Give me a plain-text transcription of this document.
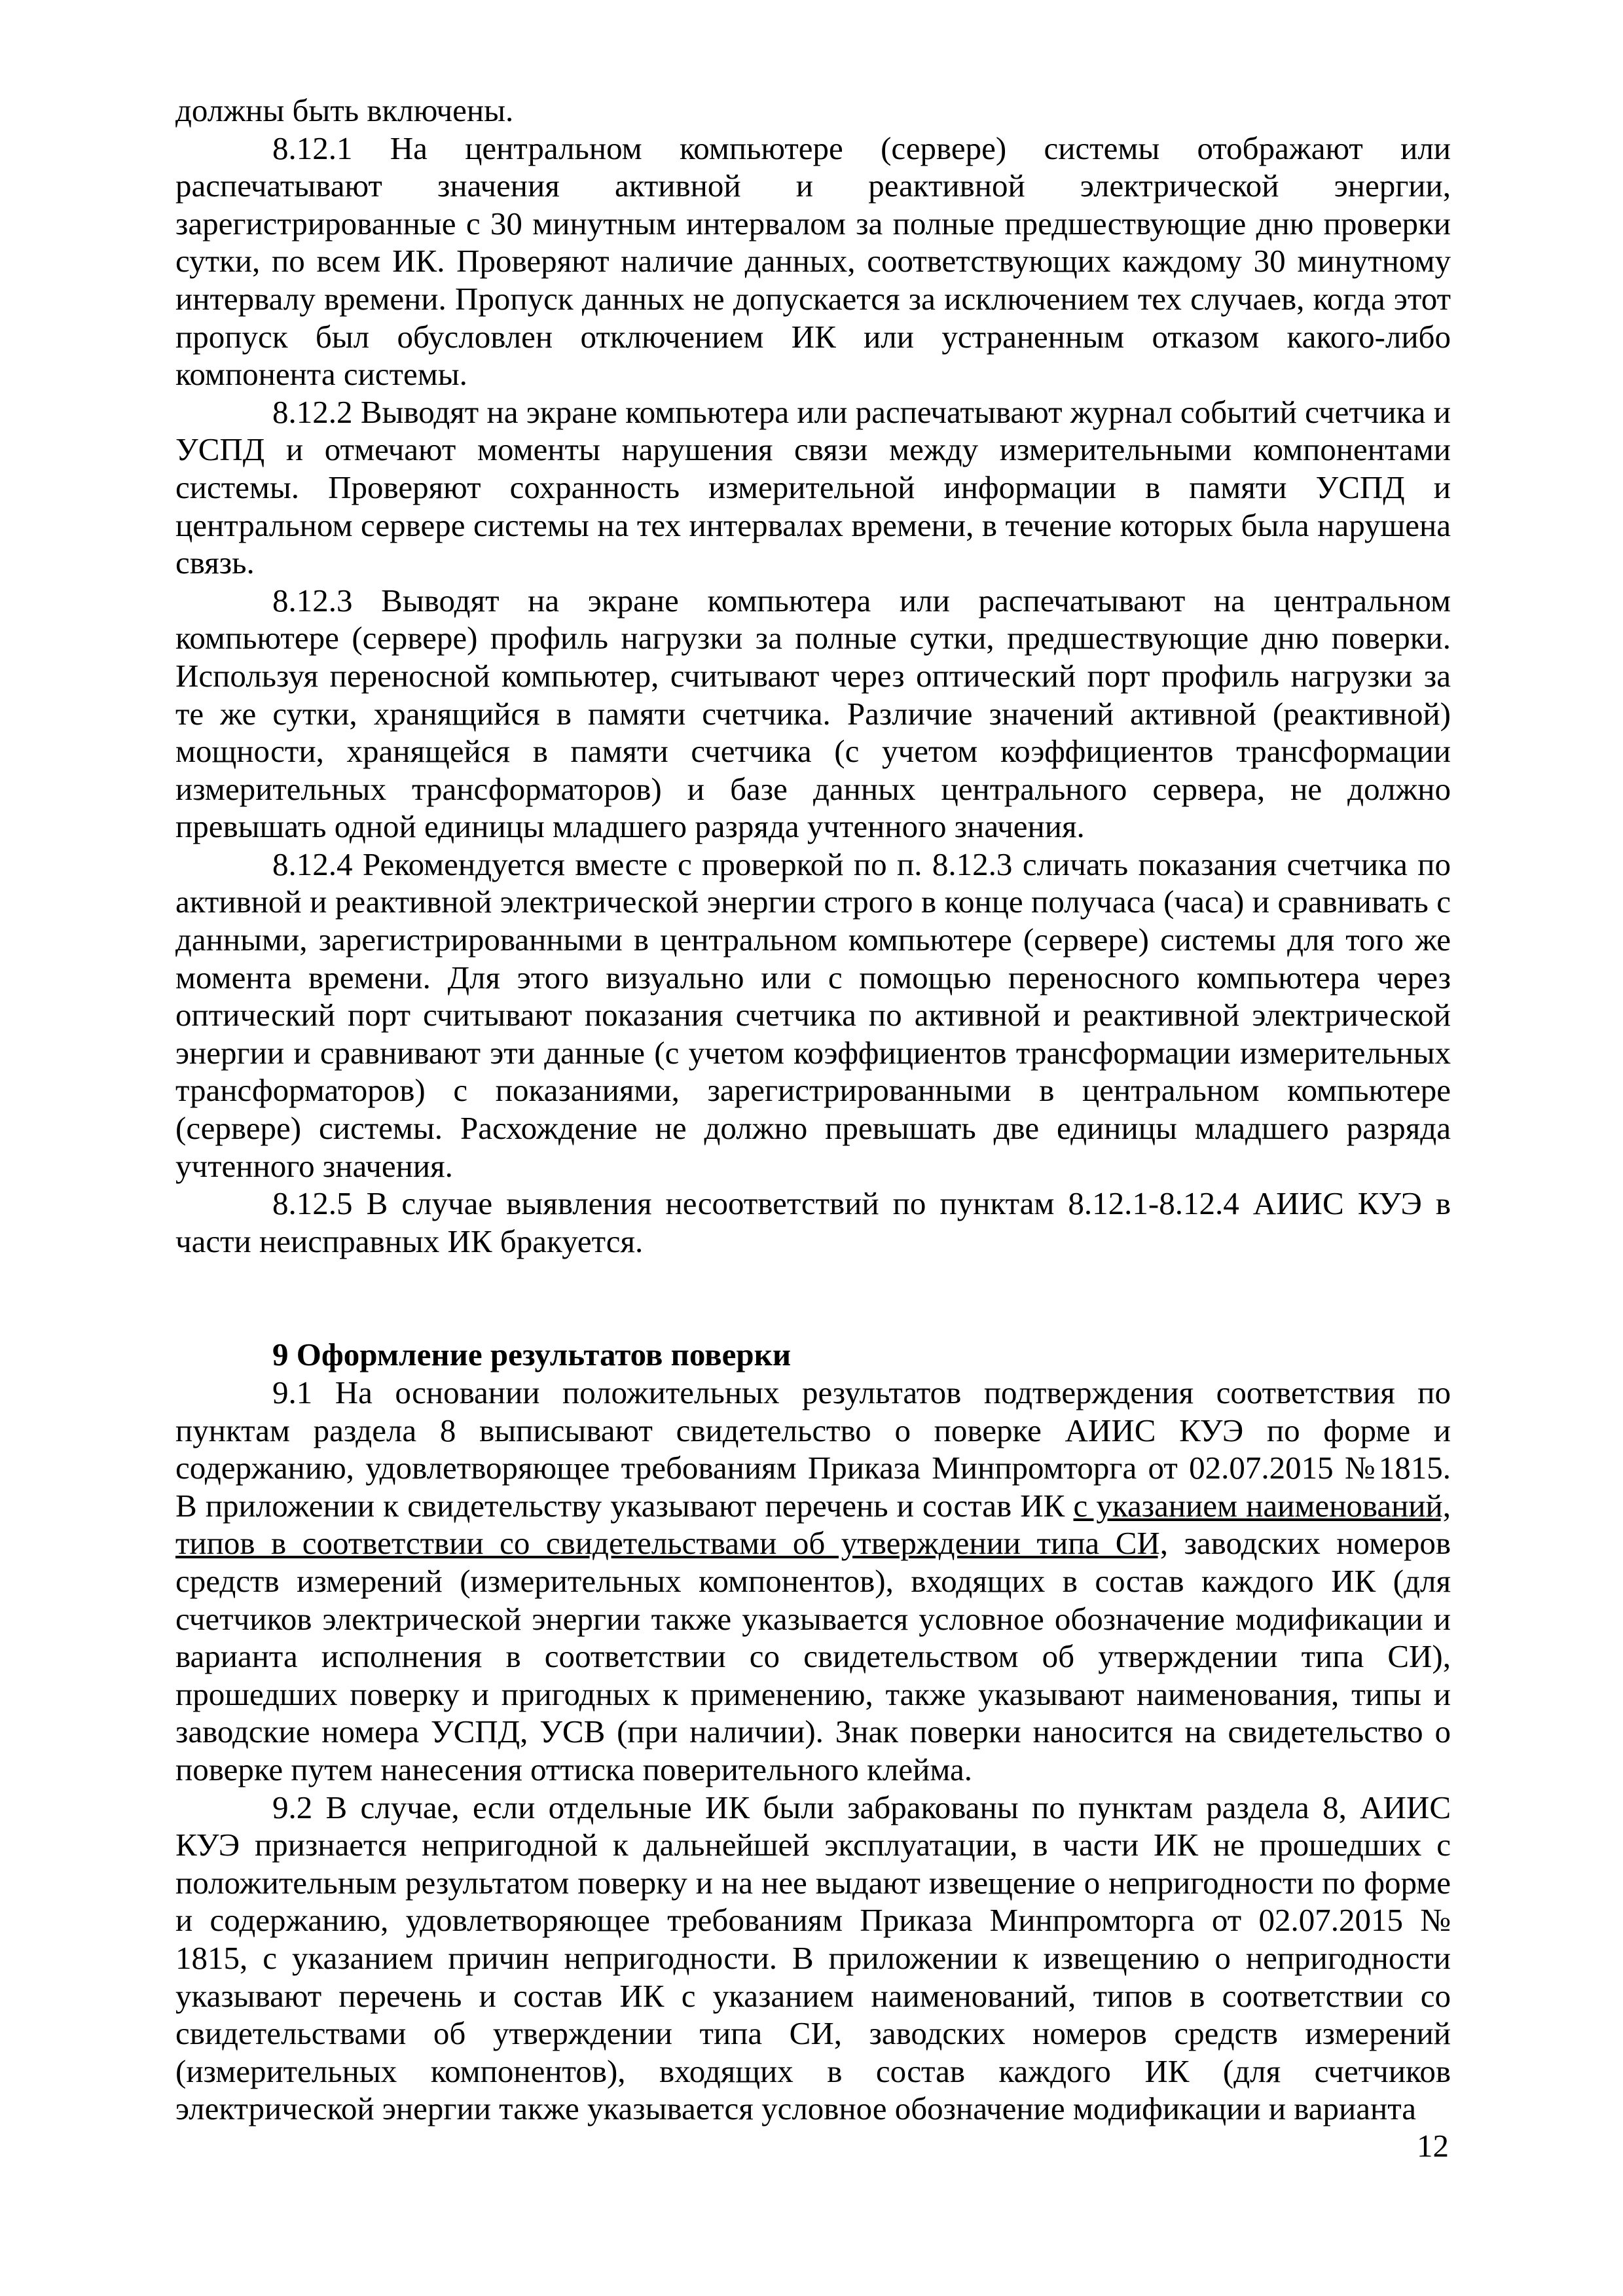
должны быть включены.

8.12.1 На центральном компьютере (сервере) системы отображают или распечатывают значения активной и реактивной электрической энергии, зарегистрированные с 30 минутным интервалом за полные предшествующие дню проверки сутки, по всем ИК. Проверяют наличие данных, соответствующих каждому 30 минутному интервалу времени. Пропуск данных не допускается за исключением тех случаев, когда этот пропуск был обусловлен отключением ИК или устраненным отказом какого-либо компонента системы.

8.12.2 Выводят на экране компьютера или распечатывают журнал событий счетчика и УСПД и отмечают моменты нарушения связи между измерительными компонентами системы. Проверяют сохранность измерительной информации в памяти УСПД и центральном сервере системы на тех интервалах времени, в течение которых была нарушена связь.

8.12.3 Выводят на экране компьютера или распечатывают на центральном компьютере (сервере) профиль нагрузки за полные сутки, предшествующие дню поверки. Используя переносной компьютер, считывают через оптический порт профиль нагрузки за те же сутки, хранящийся в памяти счетчика. Различие значений активной (реактивной) мощности, хранящейся в памяти счетчика (с учетом коэффициентов трансформации измерительных трансформаторов) и базе данных центрального сервера, не должно превышать одной единицы младшего разряда учтенного значения.

8.12.4 Рекомендуется вместе с проверкой по п. 8.12.3 сличать показания счетчика по активной и реактивной электрической энергии строго в конце получаса (часа) и сравнивать с данными, зарегистрированными в центральном компьютере (сервере) системы для того же момента времени. Для этого визуально или с помощью переносного компьютера через оптический порт считывают показания счетчика по активной и реактивной электрической энергии и сравнивают эти данные (с учетом коэффициентов трансформации измерительных трансформаторов) с показаниями, зарегистрированными в центральном компьютере (сервере) системы. Расхождение не должно превышать две единицы младшего разряда учтенного значения.

8.12.5 В случае выявления несоответствий по пунктам 8.12.1-8.12.4 АИИС КУЭ в части неисправных ИК бракуется.

9 Оформление результатов поверки

9.1 На основании положительных результатов подтверждения соответствия по пунктам раздела 8 выписывают свидетельство о поверке АИИС КУЭ по форме и содержанию, удовлетворяющее требованиям Приказа Минпромторга от 02.07.2015 №1815. В приложении к свидетельству указывают перечень и состав ИК с указанием наименований, типов в соответствии со свидетельствами об утверждении типа СИ, заводских номеров средств измерений (измерительных компонентов), входящих в состав каждого ИК (для счетчиков электрической энергии также указывается условное обозначение модификации и варианта исполнения в соответствии со свидетельством об утверждении типа СИ), прошедших поверку и пригодных к применению, также указывают наименования, типы и заводские номера УСПД, УСВ (при наличии). Знак поверки наносится на свидетельство о поверке путем нанесения оттиска поверительного клейма.

9.2 В случае, если отдельные ИК были забракованы по пунктам раздела 8, АИИС КУЭ признается непригодной к дальнейшей эксплуатации, в части ИК не прошедших с положительным результатом поверку и на нее выдают извещение о непригодности по форме и содержанию, удовлетворяющее требованиям Приказа Минпромторга от 02.07.2015 № 1815, с указанием причин непригодности. В приложении к извещению о непригодности указывают перечень и состав ИК с указанием наименований, типов в соответствии со свидетельствами об утверждении типа СИ, заводских номеров средств измерений (измерительных компонентов), входящих в состав каждого ИК (для счетчиков электрической энергии также указывается условное обозначение модификации и варианта

12
